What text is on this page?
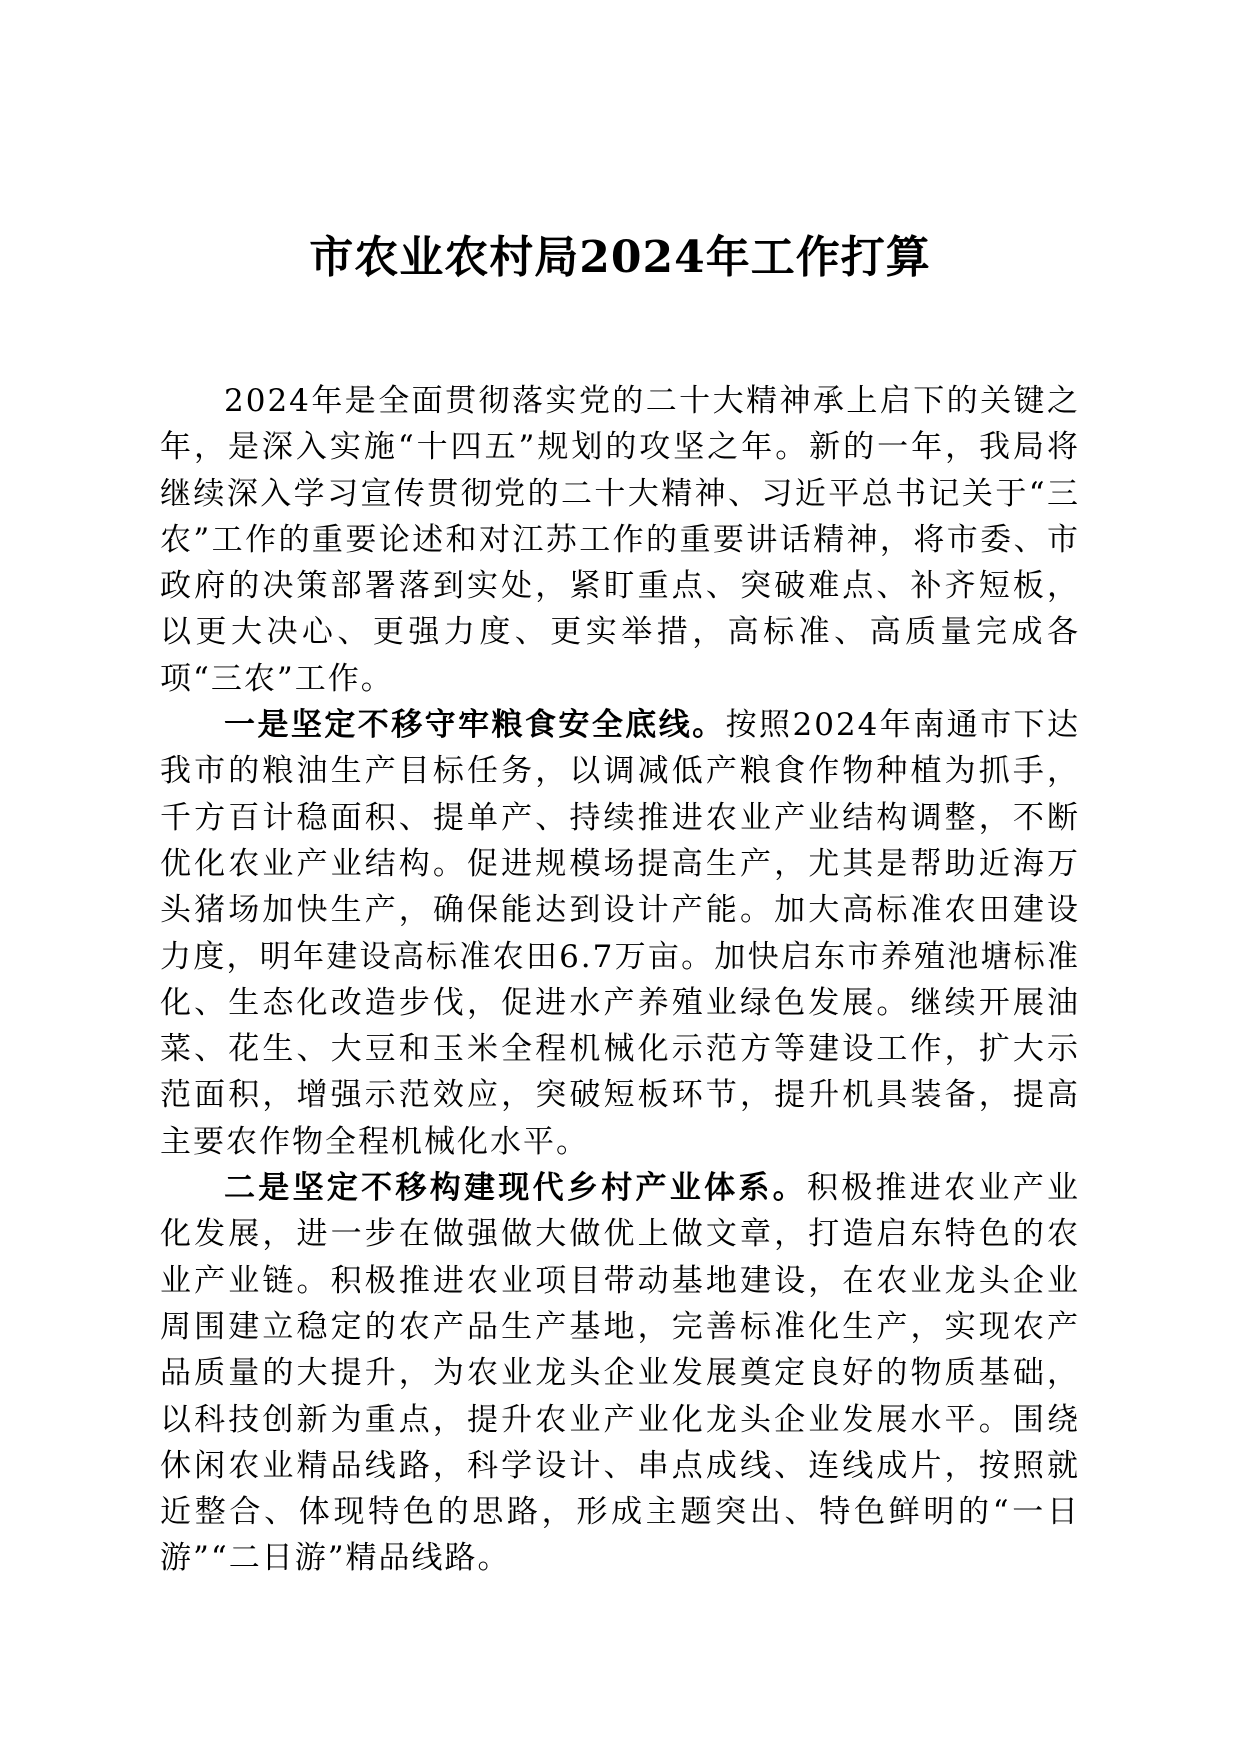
市农业农村局2024年工作打算

2024年是全面贯彻落实党的二十大精神承上启下的关键之年，是深入实施“十四五”规划的攻坚之年。新的一年，我局将继续深入学习宣传贯彻党的二十大精神、习近平总书记关于“三农”工作的重要论述和对江苏工作的重要讲话精神，将市委、市政府的决策部署落到实处，紧盯重点、突破难点、补齐短板，以更大决心、更强力度、更实举措，高标准、高质量完成各项“三农”工作。

一是坚定不移守牢粮食安全底线。按照2024年南通市下达我市的粮油生产目标任务，以调减低产粮食作物种植为抓手，千方百计稳面积、提单产、持续推进农业产业结构调整，不断优化农业产业结构。促进规模场提高生产，尤其是帮助近海万头猪场加快生产，确保能达到设计产能。加大高标准农田建设力度，明年建设高标准农田6.7万亩。加快启东市养殖池塘标准化、生态化改造步伐，促进水产养殖业绿色发展。继续开展油菜、花生、大豆和玉米全程机械化示范方等建设工作，扩大示范面积，增强示范效应，突破短板环节，提升机具装备，提高主要农作物全程机械化水平。

二是坚定不移构建现代乡村产业体系。积极推进农业产业化发展，进一步在做强做大做优上做文章，打造启东特色的农业产业链。积极推进农业项目带动基地建设，在农业龙头企业周围建立稳定的农产品生产基地，完善标准化生产，实现农产品质量的大提升，为农业龙头企业发展奠定良好的物质基础，以科技创新为重点，提升农业产业化龙头企业发展水平。围绕休闲农业精品线路，科学设计、串点成线、连线成片，按照就近整合、体现特色的思路，形成主题突出、特色鲜明的“一日游”“二日游”精品线路。
